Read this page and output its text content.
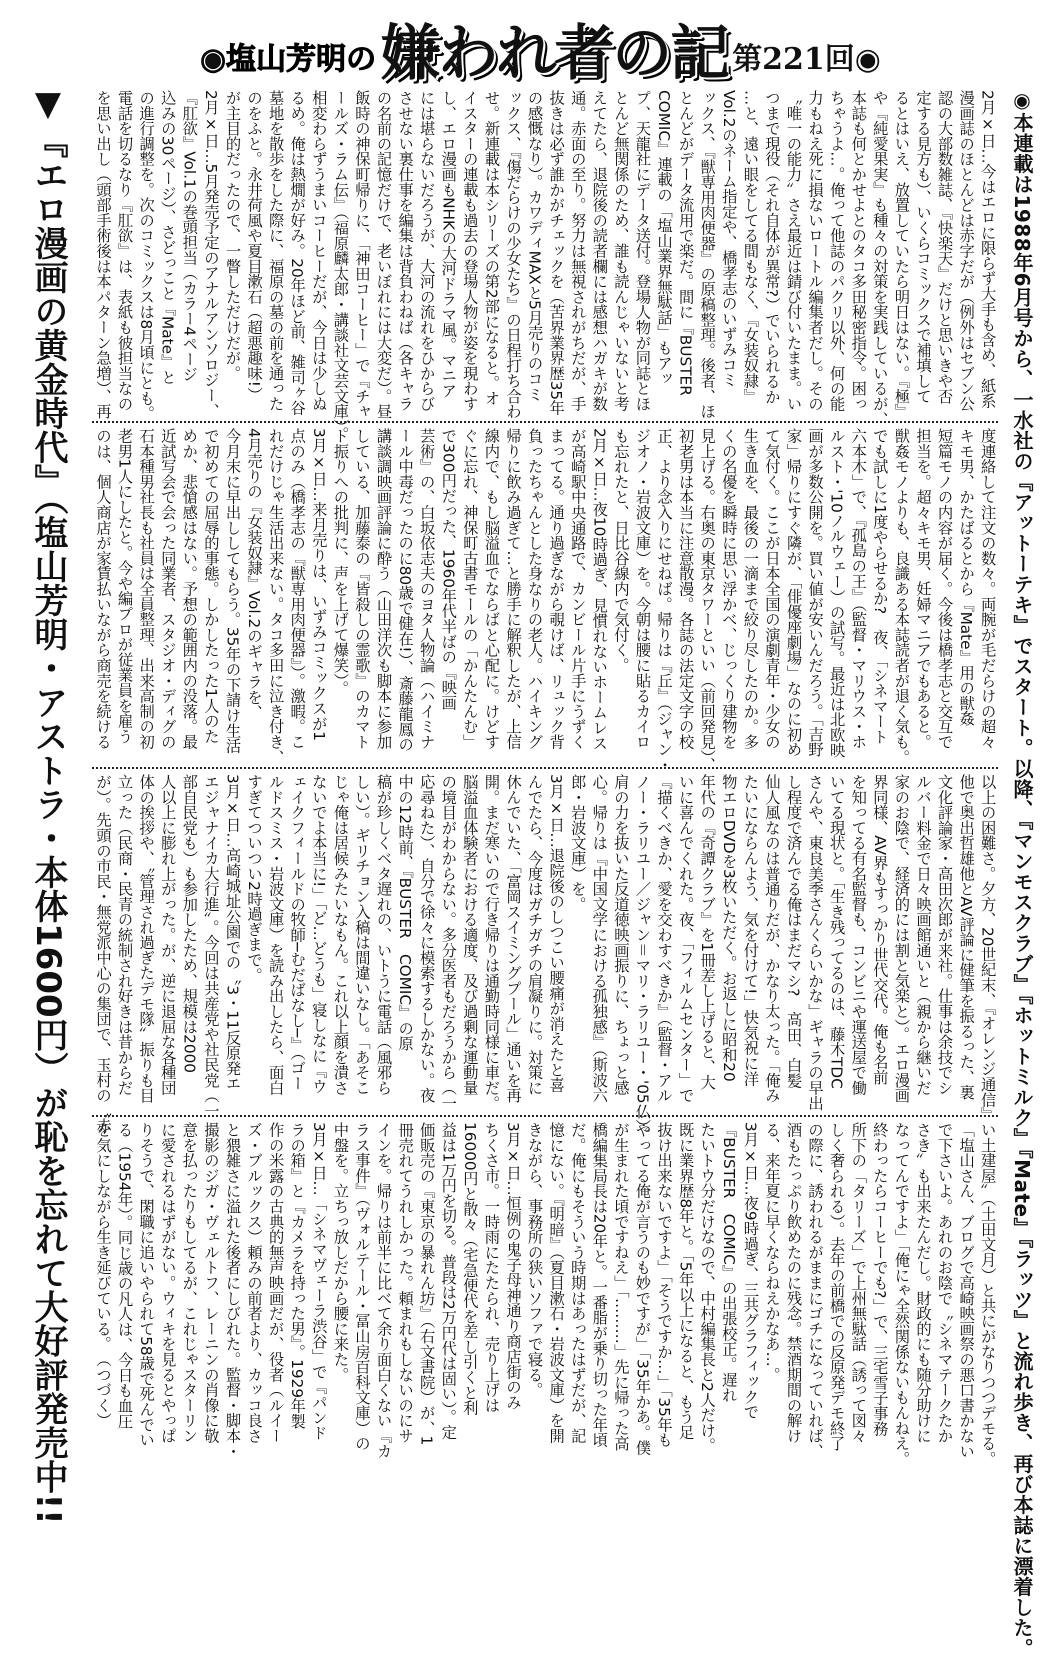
◉塩山芳明の 嫌われ者の記 第221回◉
◉本連載は1988年6月号から、一水社の『アットーテキ』でスタート。以降、『マンモスクラブ』『ホットミルク』『Mate』『ラッツ』と流れ歩き、再び本誌に漂着した。
▼『エロ漫画の黄金時代』（塩山芳明・アストラ・本体1600円）が恥を忘れて大好評発売中!!	2月×日…今はエロに限らず大手も含め、紙系
漫画誌のほとんどは赤字だが（例外はセブン公
認の大部数雑誌、『快楽天』だけと思いきや否
定する見方も）、いくらコミックスで補填して
るとはいえ、放置していたら明日はない。『極』
や『純愛果実』も種々の対策を実践しているが、
本誌も何とかせよとのタコ多田秘密指令。困っ
ちゃうよ…。俺って他誌のパクリ以外、何の能
力もねえ死に損ないロートル編集者だし。その
〝唯一の能力〟さえ最近は錆び付いたまま。い
つまで現役（それ自体が異常?）でいられるか
…と、遠い眼をしてる間もなく、『女装奴隷』
Vol.2のネーム指定や、橋孝志のいずみコミ
ックス、『獣専用肉便器』の原稿整理。後者、ほ
とんどがデータ流用で楽だ。間に『BUSTER
COMIC』連載の「塩山業界無駄話」もアッ
プ、天龍社にデータ送付。登場人物が同誌とほ
とんど無関係のため、誰も読んじゃいないと考
えてたら、退院後の読者欄には感想ハガキが数
通。赤面の至り。努力は無視されがちだが、手
抜きは必ず誰かがチェックを（苦界業界歴35年
の感慨なり）。カワディMAXと5月売りのコミ
ックス、『傷だらけの少女たち』の日程打ち合わ
せ。新連載は本シリーズの第2部になると。オ
イスターの連載も過去の登場人物が姿を現わす
し、エロ漫画もNHKの大河ドラマ風。マニア
には堪らないだろうが、大河の流れをひからび
させない裏仕事を編集は背負わねば（各キャラ
の名前の記憶だけで、老いぼれには大変だ）。昼
飯時の神保町帰りに、「神田コーヒー」で『チャ
ールズ・ラム伝』（福原麟太郎・講談社文芸文庫）。
相変わらずうまいコーヒーだが、今日は少しぬ
るめ。俺は熱燗が好み。20年ほど前、雑司ヶ谷
墓地を散歩をした際に、福原の墓の前を通った
のをふと。永井荷風や夏目漱石（超悪趣味!）
が主目的だったので、一瞥しただけだが。
2月×日…5月発売予定のアナルアンソロジー、
『肛欲』Vol.1の巻頭担当（カラー4ページ
込みの30ページ）、さどっこと『Mate』と
の進行調整を。次のコミックスは8月頃にとも。
電話を切るなり『肛欲』は、表紙も彼担当なの
を思い出し（頭部手術後は本パターン急増）、再
度連絡して注文の数々。両腕が毛だらけの超々
キモ男、かたばるとから『Mate』用の獣姦
短篇モノの内容が届く。今後は橋孝志と交互で
担当を。超々キモ男、妊婦マニアでもあると。
獣姦モノよりも、良識ある本誌読者が退く気も。
でも試しに1度やらせるか?　夜、「シネマート
六本木」で、『孤島の王』（監督・マリウス・ホ
ルスト・'10ノルウェー）の試写。最近は北欧映
画が多数公開を。買い値が安いんだろう。「吉野
家」帰りにすぐ隣が、「俳優座劇場」なのに初め
て気付く。ここが日本全国の演劇青年・少女の
生き血を、最後の一滴まで絞り尽したのか。多
くの名優を瞬時に思い浮かべ、じっくり建物を
見上げる。右奥の東京タワーといい（前回発見）、
初老男は本当に注意散漫。各誌の法定文字の校
正、より念入りにせねば。帰りは『丘』（ジャン・
ジオノ・岩波文庫）を。今朝は腰に貼るカイロ
も忘れたと、日比谷線内で気付く。
2月×日…夜10時過ぎ、見慣れないホームレス
が高崎駅中央通路で、カンビール片手にうずく
まってる。通り過ぎながら覗けば、リュック背
負ったちゃんとした身なりの老人。ハイキング
帰りに飲み過ぎて…と勝手に解釈したが、上信
線内で、もし脳溢血でならばと心配に。けどす
ぐに忘れ、神保町古書モールの「かんたんむ」
で300円だった、1960年代半ばの『映画
芸術』の、白坂依志夫のヨタ人物論（ハイミナ
ール中毒だったのに80歳で健在!）、斎藤龍鳳の
講談調映画評論に酔う（山田洋次も脚本に参加
している、加藤泰の『皆殺しの霊歌』のカマト
ト振りへの批判に、声を上げて爆笑）。
3月×日…来月売りは、いずみコミックスが1
点のみ（橋孝志の『獣専用肉便器』）。激暇。こ
れだけじゃ生活出来ない。タコ多田に泣き付き、
4月売りの『女装奴隷』Vol.2のギャラを、
今月末に早出ししてもらう。35年の下請け生活
で初めての屈辱的事態。しかしたった1人のた
めか、悲愴感はない。予想の範囲内の没落。最
近試写会で会った同業者、スタジオ・ディグの
石本種男社長も社員は全員整理、出来高制の初
老男1人にしたと。今や編プロが従業員を雇う
のは、個人商店が家賃払いながら商売を続ける
以上の困難さ。夕方、20世紀末、『オレンジ通信』
他で奥出哲雄他とAV評論に健筆を振るった、裏
文化評論家・高田次郎が来社。仕事は余技でシ
ルバー料金で日々映画館通いと（親から継いだ
家のお陰で、経済的には割と気楽と）。エロ漫画
界同様、AV界もすっかり世代交代。俺も名前
を知ってる有名監督も、コンビニや運送屋で働
いてる現状と。「生き残ってるのは、藤木TDC
さんや、東良美季さんくらいかな」ギャラの早出
し程度で済んでる俺はまだマシ?　高田、白髪
仙人風なのは普通りだが、かなり太った。「俺み
たいにならんよう、気を付けて!」快気祝に洋
物エロDVDを3枚いただく。お返しに昭和20
年代の『奇譚クラブ』を1冊差し上げると、大
いに喜んでくれた。夜、「フィルムセンター」で
『描くべきか、愛を交わすべきか』（監督・アル
ノー・ラリユー／ジャン＝マリ・ラリユー・'05仏）。
肩の力を抜いた反道徳映画振りに、ちょっと感
心。帰りは『中国文学における孤独感』（斯波六
郎・岩波文庫）を。
3月×日…退院後のしつこい腰痛が消えたと喜
んでたら、今度はガチガチの肩凝りに。対策に
休んでいた、「富岡スイミングプール」通いを再
開。まだ寒いので行き帰りは通勤時同様に車だ。
脳溢血体験者における適度、及び過剰な運動量
の境目がわからない。多分医者もだろうから（一
応尋ねた）、自分で徐々に模索するしかない。夜
中の12時前、『BUSTER　COMIC』の原
稿が珍しくベタ遅れの、いトうに電話（風邪ら
しい）。ギリチョン入稿は間違いなし。「あそこ
じゃ俺は居候みたいなもん。これ以上顔を潰さ
ないでよ本当に!」「ど…どうも」寝しなに『ウ
ェイクフィールドの牧師─むだばなし─』（ゴー
ルドスミス・岩波文庫）を読み出したら、面白
すぎてついつい2時過ぎまで。
3月×日…高崎城址公園での〝3・11反原発エ
エジャナイカ大行進〟。今回は共産党や社民党（一
部自民党も）も参加したため、規模は2000
人以上に膨れ上がった。が、逆に退屈な各種団
体の挨拶や、〝管理され過ぎたデモ隊〟振りも目
立った（民商・民青の統制され好きは昔からだ
が）。先頭の市民・無党派中心の集団で、玉村の〝赤
い土建屋〟（土田文月）と共にがなりつつデモる。
「塩山さん、ブログで高崎映画祭の悪口書かない
で下さいよ。あれのお陰で〝シネマテークたか
さき〟も出来たんだし。財政的にも随分助けに
なってんですよ」「俺にゃ全然関係ないもんねえ。
終わったらコーヒーでも?」で、三宅雪子事務
所下の「タリーズ」で上州無駄話（誘って図々
しく奢られる）。去年の前橋での反原発デモ終了
の際に、誘われるがままにゴチになっていれば、
酒もたっぷり飲めたのに残念。禁酒期間の解け
る、来年夏に早くならねえかなあ…。
3月×日…夜9時過ぎ、三共グラフィックで
『BUSTER　COMIC』の出張校正。遅れ
たいトウ分だけなので、中村編集長と2人だけ。
既に業界歴8年と。「5年以上になると、もう足
抜け出来ないですよ」「そうですか…」「35年も
やってる俺が言うのも妙ですが」「35年かあ。僕
が生まれた頃ですねえ」「………」先に帰った高
橋編集局長は20年と。一番脂が乗り切った年頃
だ。俺にもそういう時期はあったはずだが、記
憶にない。『明暗』（夏目漱石・岩波文庫）を開
きながら、事務所の狭いソファで寝る。
3月×日…恒例の鬼子母神通り商店街のみ
ちくさ市。一時雨にたたられ、売り上げは
16000円と散々（宅急便代を差し引くと利
益は1万円を切る。普段は2万円代は固い）。定
価販売の『東京の暴れん坊』（右文書院）が、1
冊売れてうれしかった。頼まれもしないのにサ
インを。帰りは前半に比べて余り面白くない『カ
ラス事件』（ヴォルテール・冨山房百科文庫）の
中盤を。立ちっ放しだから腰に来た。
3月×日…「シネマヴェーラ渋谷」で『パンド
ラの箱』と『カメラを持った男』。1929年製
作の米露の古典的無声映画だが、役者（ルイー
ズ・ブルックス）頼みの前者より、カッコ良さ
と猥雑さに溢れた後者にしびれた。監督・脚本・
撮影のジガ・ヴェルトフ、レーニンの肖像に敬
意を払ったりもしてるが、これじゃスターリン
に愛されるはずがない。ウィキを見るとやっぱ
りそうで、閑職に追いやられて58歳で死んでい
る（1954年）。同じ歳の凡人は、今日も血圧
を気にしながら生き延びている。　（つづく）
